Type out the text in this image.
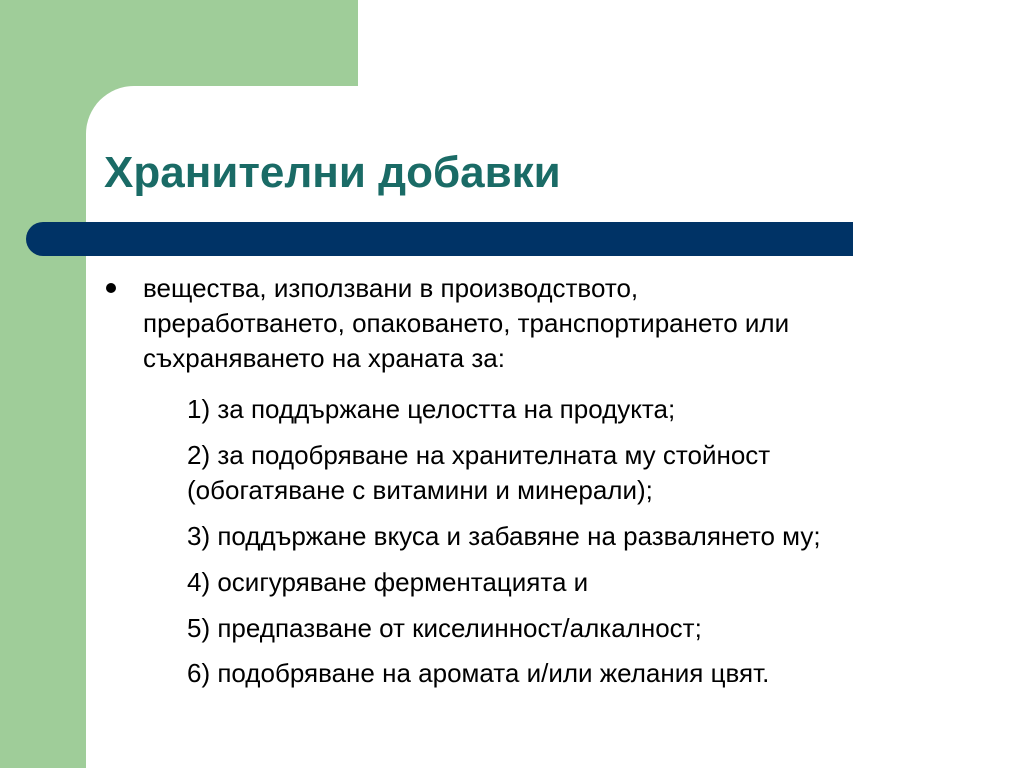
Хранителни добавки
вещества, използвани в производството,
преработването, опаковането, транспортирането или
съхраняването на храната за:
1) за поддържане целостта на продукта;
2) за подобряване на хранителната му стойност
(обогатяване с витамини и минерали);
3) поддържане вкуса и забавяне на развалянето му;
4) осигуряване ферментацията и
5) предпазване от киселинност/алкалност;
6) подобряване на аромата и/или желания цвят.
